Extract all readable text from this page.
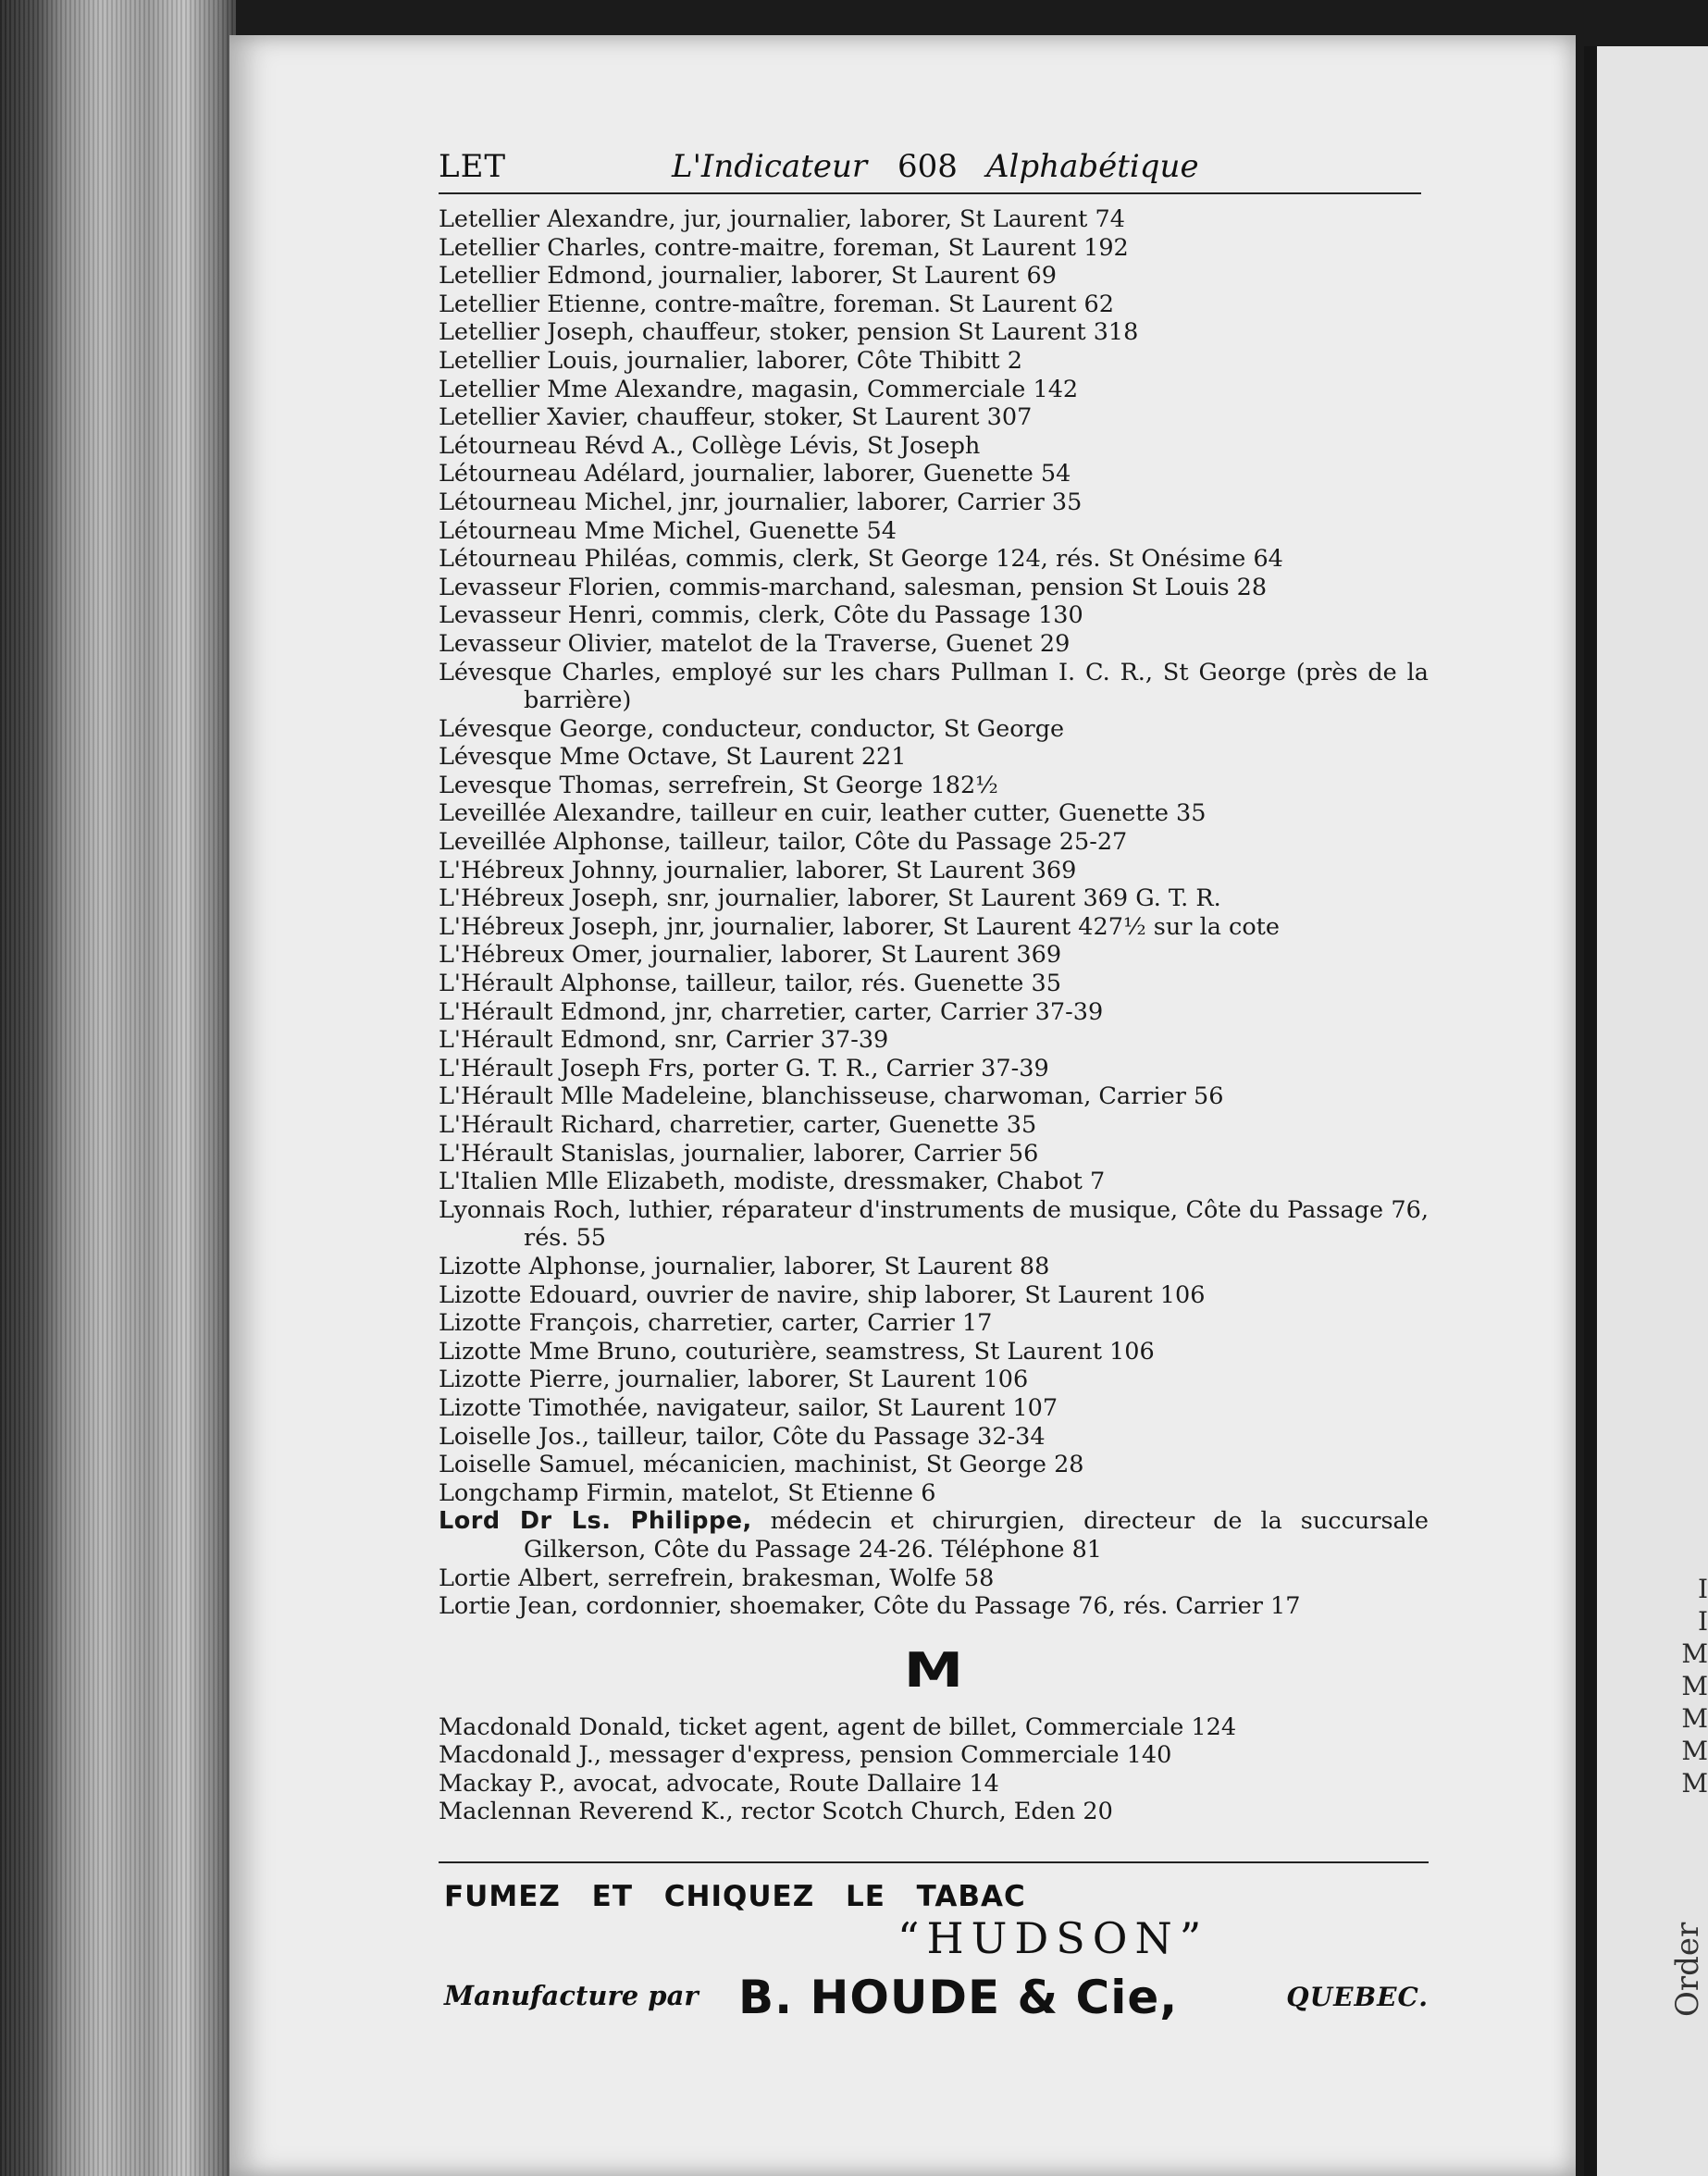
I
I
M
M
M
M
M
Order
LET	L'Indicateur 608 Alphabétique

Letellier Alexandre, jur, journalier, laborer, St Laurent 74

Letellier Charles, contre-maitre, foreman, St Laurent 192

Letellier Edmond, journalier, laborer, St Laurent 69

Letellier Etienne, contre-maître, foreman. St Laurent 62

Letellier Joseph, chauffeur, stoker, pension St Laurent 318

Letellier Louis, journalier, laborer, Côte Thibitt 2

Letellier Mme Alexandre, magasin, Commerciale 142

Letellier Xavier, chauffeur, stoker, St Laurent 307

Létourneau Révd A., Collège Lévis, St Joseph

Létourneau Adélard, journalier, laborer, Guenette 54

Létourneau Michel, jnr, journalier, laborer, Carrier 35

Létourneau Mme Michel, Guenette 54

Létourneau Philéas, commis, clerk, St George 124, rés. St Onésime 64

Levasseur Florien, commis-marchand, salesman, pension St Louis 28

Levasseur Henri, commis, clerk, Côte du Passage 130

Levasseur Olivier, matelot de la Traverse, Guenet 29

Lévesque Charles, employé sur les chars Pullman I. C. R., St George (près de la barrière)

Lévesque George, conducteur, conductor, St George

Lévesque Mme Octave, St Laurent 221

Levesque Thomas, serrefrein, St George 182½

Leveillée Alexandre, tailleur en cuir, leather cutter, Guenette 35

Leveillée Alphonse, tailleur, tailor, Côte du Passage 25-27

L'Hébreux Johnny, journalier, laborer, St Laurent 369

L'Hébreux Joseph, snr, journalier, laborer, St Laurent 369 G. T. R.

L'Hébreux Joseph, jnr, journalier, laborer, St Laurent 427½ sur la cote

L'Hébreux Omer, journalier, laborer, St Laurent 369

L'Hérault Alphonse, tailleur, tailor, rés. Guenette 35

L'Hérault Edmond, jnr, charretier, carter, Carrier 37-39

L'Hérault Edmond, snr, Carrier 37-39

L'Hérault Joseph Frs, porter G. T. R., Carrier 37-39

L'Hérault Mlle Madeleine, blanchisseuse, charwoman, Carrier 56

L'Hérault Richard, charretier, carter, Guenette 35

L'Hérault Stanislas, journalier, laborer, Carrier 56

L'Italien Mlle Elizabeth, modiste, dressmaker, Chabot 7

Lyonnais Roch, luthier, réparateur d'instruments de musique, Côte du Passage 76, rés. 55

Lizotte Alphonse, journalier, laborer, St Laurent 88

Lizotte Edouard, ouvrier de navire, ship laborer, St Laurent 106

Lizotte François, charretier, carter, Carrier 17

Lizotte Mme Bruno, couturière, seamstress, St Laurent 106

Lizotte Pierre, journalier, laborer, St Laurent 106

Lizotte Timothée, navigateur, sailor, St Laurent 107

Loiselle Jos., tailleur, tailor, Côte du Passage 32-34

Loiselle Samuel, mécanicien, machinist, St George 28

Longchamp Firmin, matelot, St Etienne 6

Lord Dr Ls. Philippe, médecin et chirurgien, directeur de la succursale Gilkerson, Côte du Passage 24-26. Téléphone 81

Lortie Albert, serrefrein, brakesman, Wolfe 58

Lortie Jean, cordonnier, shoemaker, Côte du Passage 76, rés. Carrier 17

M

Macdonald Donald, ticket agent, agent de billet, Commerciale 124

Macdonald J., messager d'express, pension Commerciale 140

Mackay P., avocat, advocate, Route Dallaire 14

Maclennan Reverend K., rector Scotch Church, Eden 20

FUMEZ ET CHIQUEZ LE TABAC
“HUDSON”
Manufacture par B. HOUDE & Cie,	QUEBEC.
